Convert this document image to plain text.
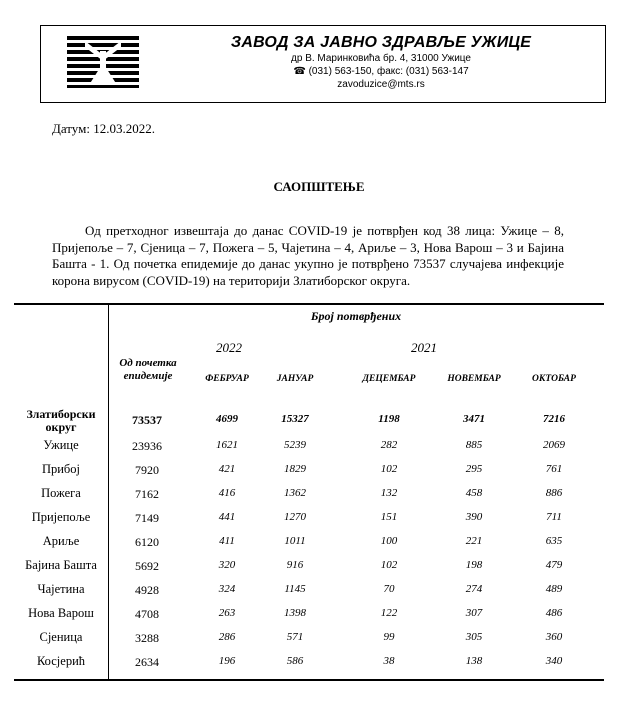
ЗАВОД ЗА ЈАВНО ЗДРАВЉЕ УЖИЦЕ
др В. Маринковића бр. 4, 31000 Ужице
☎ (031) 563-150, факс: (031) 563-147
zavoduzice@mts.rs
Датум: 12.03.2022.
САОПШТЕЊЕ
Од претходног извештаја до данас COVID-19 је потврђен код 38 лица: Ужице – 8, Пријепоље – 7, Сјеница – 7, Пожега – 5, Чајетина – 4, Ариље – 3, Нова Варош – 3 и Бајина Башта - 1. Од почетка епидемије до данас укупно је потврђено 73537 случајева инфекције корона вирусом (COVID-19) на територији Златиборског округа.
Број потврђених
2022	2021
Од почетка епидемије	ФЕБРУАР	ЈАНУАР	ДЕЦЕМБАР	НОВЕМБАР	ОКТОБАР
Златиборски округ	73537	4699	15327	1198	3471	7216
Ужице	23936	1621	5239	282	885	2069
Прибој	7920	421	1829	102	295	761
Пожега	7162	416	1362	132	458	886
Пријепоље	7149	441	1270	151	390	711
Ариље	6120	411	1011	100	221	635
Бајина Башта	5692	320	916	102	198	479
Чајетина	4928	324	1145	70	274	489
Нова Варош	4708	263	1398	122	307	486
Сјеница	3288	286	571	99	305	360
Косјерић	2634	196	586	38	138	340
